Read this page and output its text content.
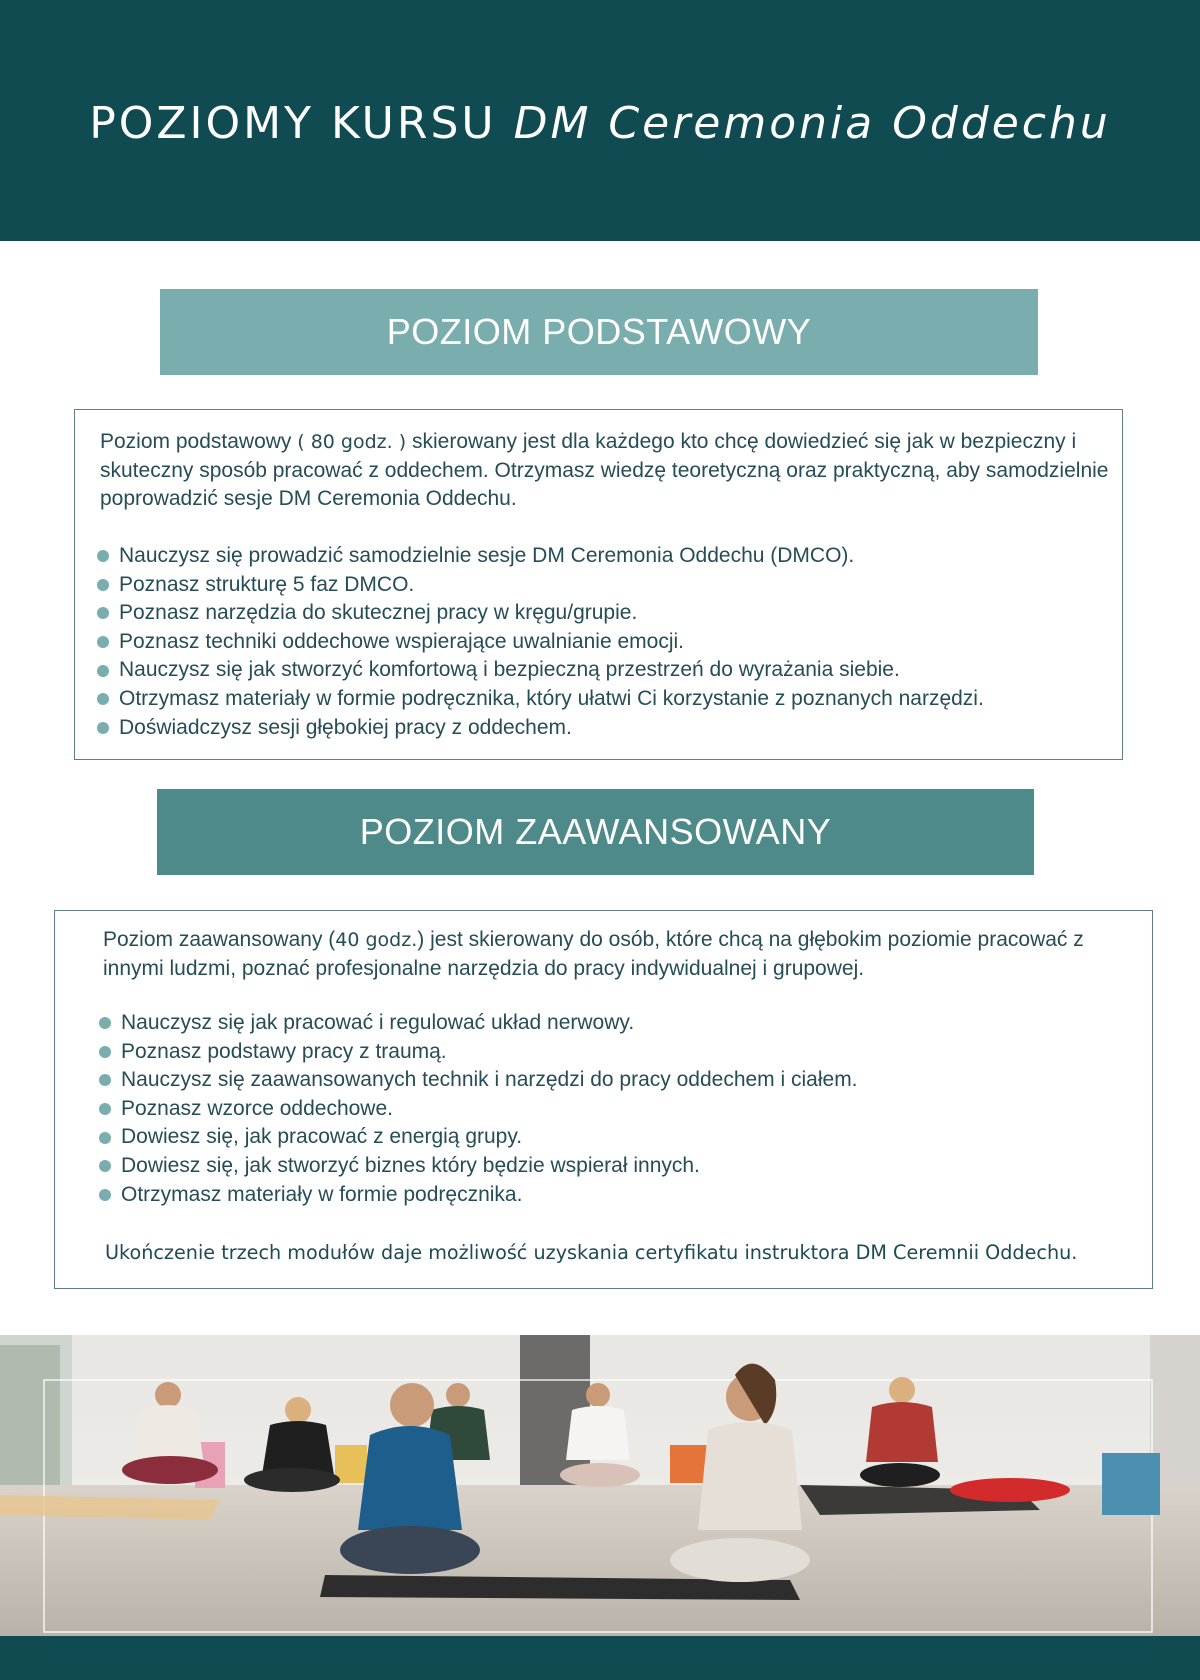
POZIOMY KURSU DM Ceremonia Oddechu
POZIOM PODSTAWOWY

Poziom podstawowy ( 80 godz. ) skierowany jest dla każdego kto chcę dowiedzieć się jak w bezpieczny i skuteczny sposób pracować z oddechem. Otrzymasz wiedzę teoretyczną oraz praktyczną, aby samodzielnie poprowadzić sesje DM Ceremonia Oddechu.

Nauczysz się prowadzić samodzielnie sesje DM Ceremonia Oddechu (DMCO).
Poznasz strukturę 5 faz DMCO.
Poznasz narzędzia do skutecznej pracy w kręgu/grupie.
Poznasz techniki oddechowe wspierające uwalnianie emocji.
Nauczysz się jak stworzyć komfortową i bezpieczną przestrzeń do wyrażania siebie.
Otrzymasz materiały w formie podręcznika, który ułatwi Ci korzystanie z poznanych narzędzi.
Doświadczysz sesji głębokiej pracy z oddechem.
POZIOM ZAAWANSOWANY

Poziom zaawansowany (40 godz.) jest skierowany do osób, które chcą na głębokim poziomie pracować z innymi ludzmi, poznać profesjonalne narzędzia do pracy indywidualnej i grupowej.

Nauczysz się jak pracować i regulować układ nerwowy.
Poznasz podstawy pracy z traumą.
Nauczysz się zaawansowanych technik i narzędzi do pracy oddechem i ciałem.
Poznasz wzorce oddechowe.
Dowiesz się, jak pracować z energią grupy.
Dowiesz się, jak stworzyć biznes który będzie wspierał innych.
Otrzymasz materiały w formie podręcznika.
Ukończenie trzech modułów daje możliwość uzyskania certyfikatu instruktora DM Ceremnii Oddechu.
